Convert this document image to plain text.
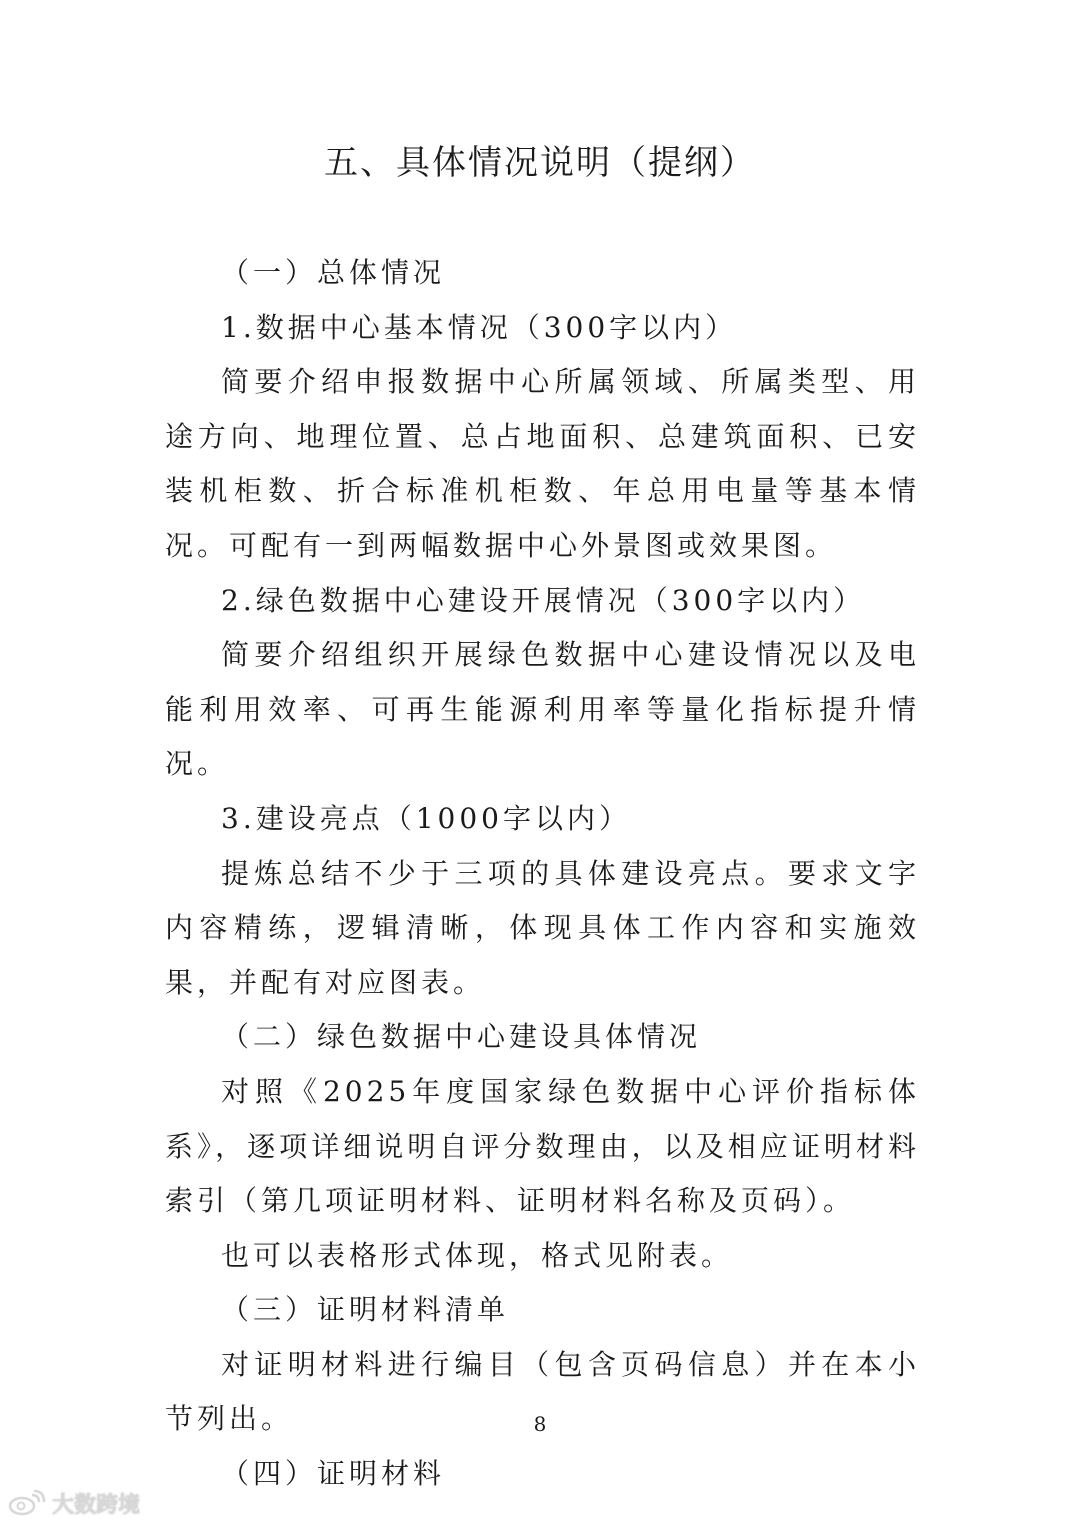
五、具体情况说明（提纲）

（一）总体情况

1.数据中心基本情况（300字以内）

简要介绍申报数据中心所属领域、所属类型、用途方向、地理位置、总占地面积、总建筑面积、已安装机柜数、折合标准机柜数、年总用电量等基本情况。可配有一到两幅数据中心外景图或效果图。

2.绿色数据中心建设开展情况（300字以内）

简要介绍组织开展绿色数据中心建设情况以及电能利用效率、可再生能源利用率等量化指标提升情况。

3.建设亮点（1000字以内）

提炼总结不少于三项的具体建设亮点。要求文字内容精练，逻辑清晰，体现具体工作内容和实施效果，并配有对应图表。

（二）绿色数据中心建设具体情况

对照《2025年度国家绿色数据中心评价指标体系》，逐项详细说明自评分数理由，以及相应证明材料索引（第几项证明材料、证明材料名称及页码）。

也可以表格形式体现，格式见附表。

（三）证明材料清单

对证明材料进行编目（包含页码信息）并在本小节列出。

（四）证明材料

8
大数跨境
